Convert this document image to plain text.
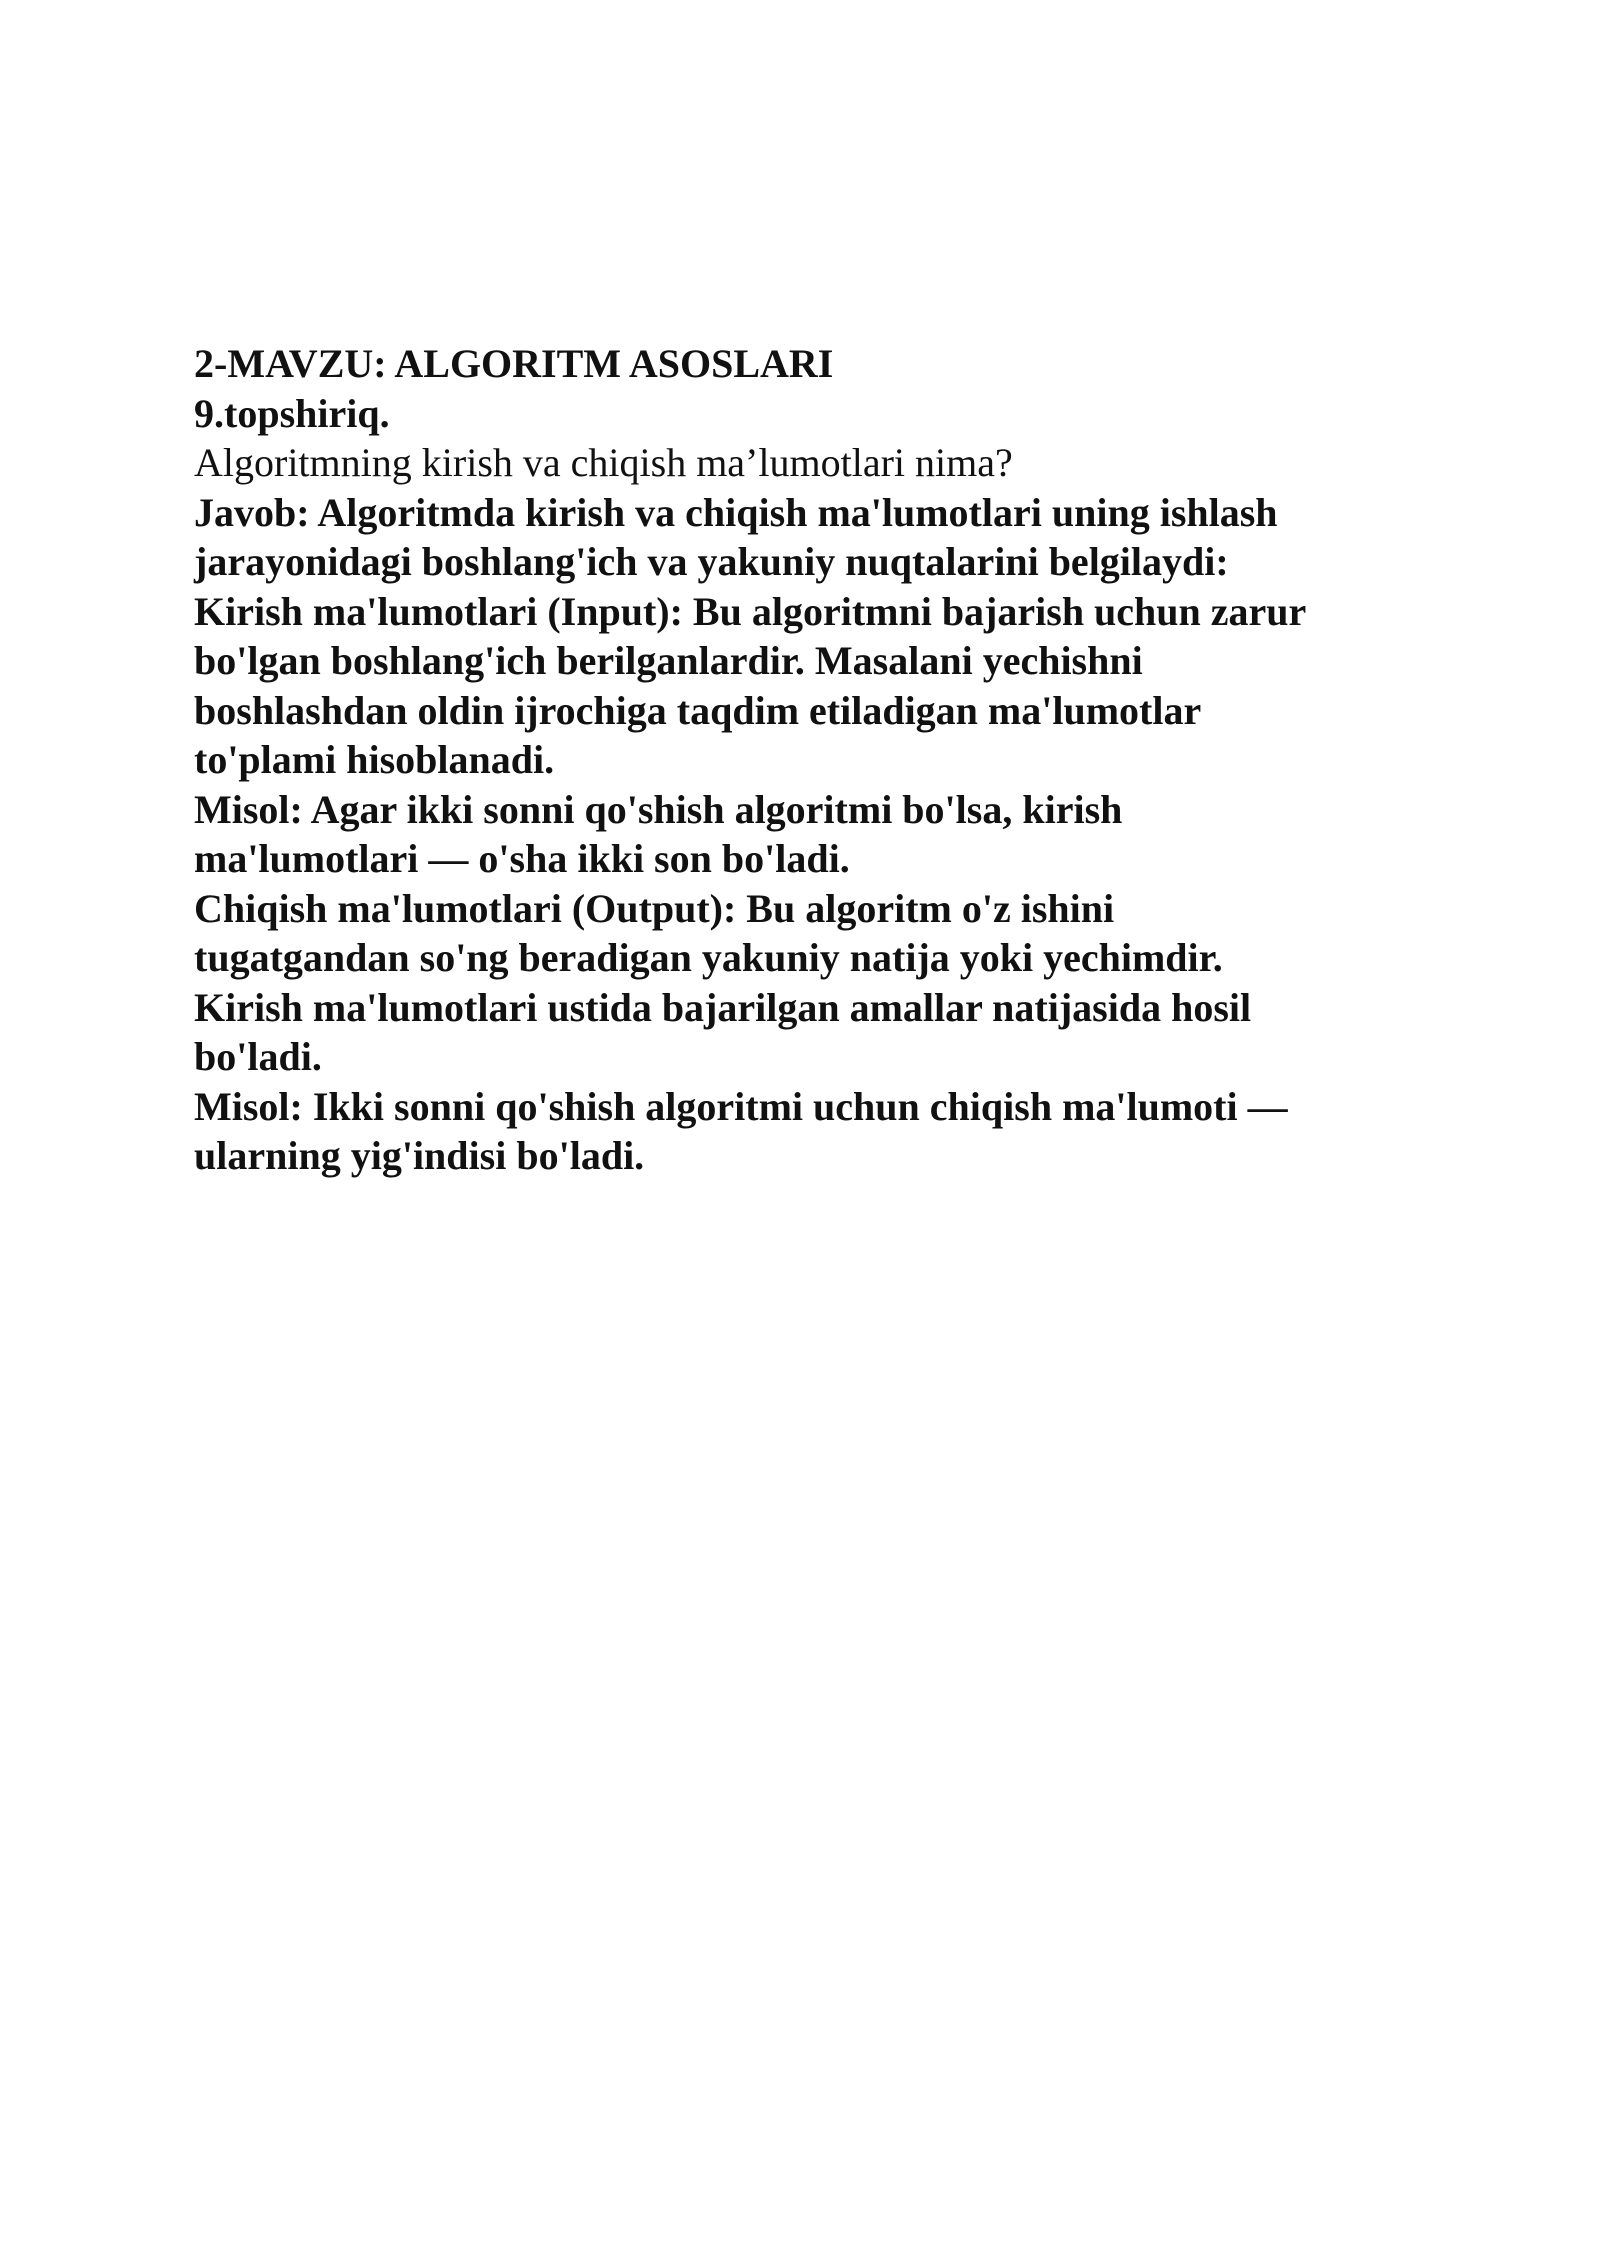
2-MAVZU: ALGORITM ASOSLARI
9.topshiriq.
Algoritmning kirish va chiqish ma’lumotlari nima?
Javob: Algoritmda kirish va chiqish ma'lumotlari uning ishlash
jarayonidagi boshlang'ich va yakuniy nuqtalarini belgilaydi:
Kirish ma'lumotlari (Input): Bu algoritmni bajarish uchun zarur
bo'lgan boshlang'ich berilganlardir. Masalani yechishni
boshlashdan oldin ijrochiga taqdim etiladigan ma'lumotlar
to'plami hisoblanadi.
Misol: Agar ikki sonni qo'shish algoritmi bo'lsa, kirish
ma'lumotlari — o'sha ikki son bo'ladi.
Chiqish ma'lumotlari (Output): Bu algoritm o'z ishini
tugatgandan so'ng beradigan yakuniy natija yoki yechimdir.
Kirish ma'lumotlari ustida bajarilgan amallar natijasida hosil
bo'ladi.
Misol: Ikki sonni qo'shish algoritmi uchun chiqish ma'lumoti —
ularning yig'indisi bo'ladi.
